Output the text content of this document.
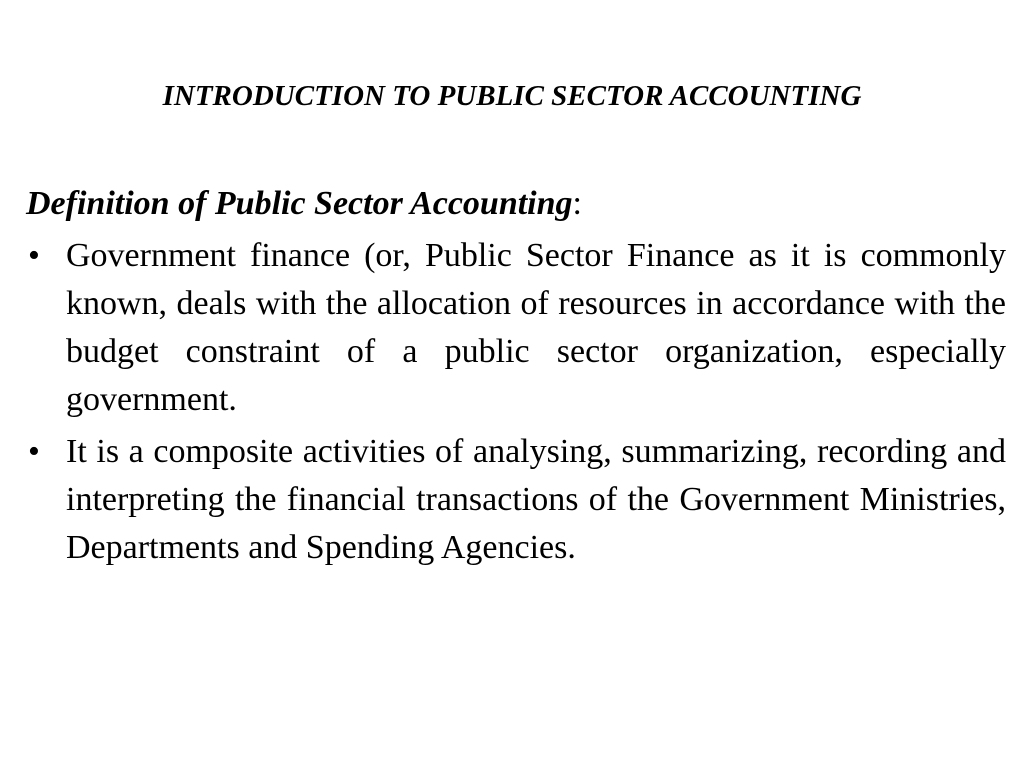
INTRODUCTION TO PUBLIC SECTOR ACCOUNTING
Definition of Public Sector Accounting:
• Government finance (or, Public Sector Finance as it is commonly known, deals with the allocation of resources in accordance with the budget constraint of a public sector organization, especially government.
• It is a composite activities of analysing, summarizing, recording and interpreting the financial transactions of the Government Ministries, Departments and Spending Agencies.
